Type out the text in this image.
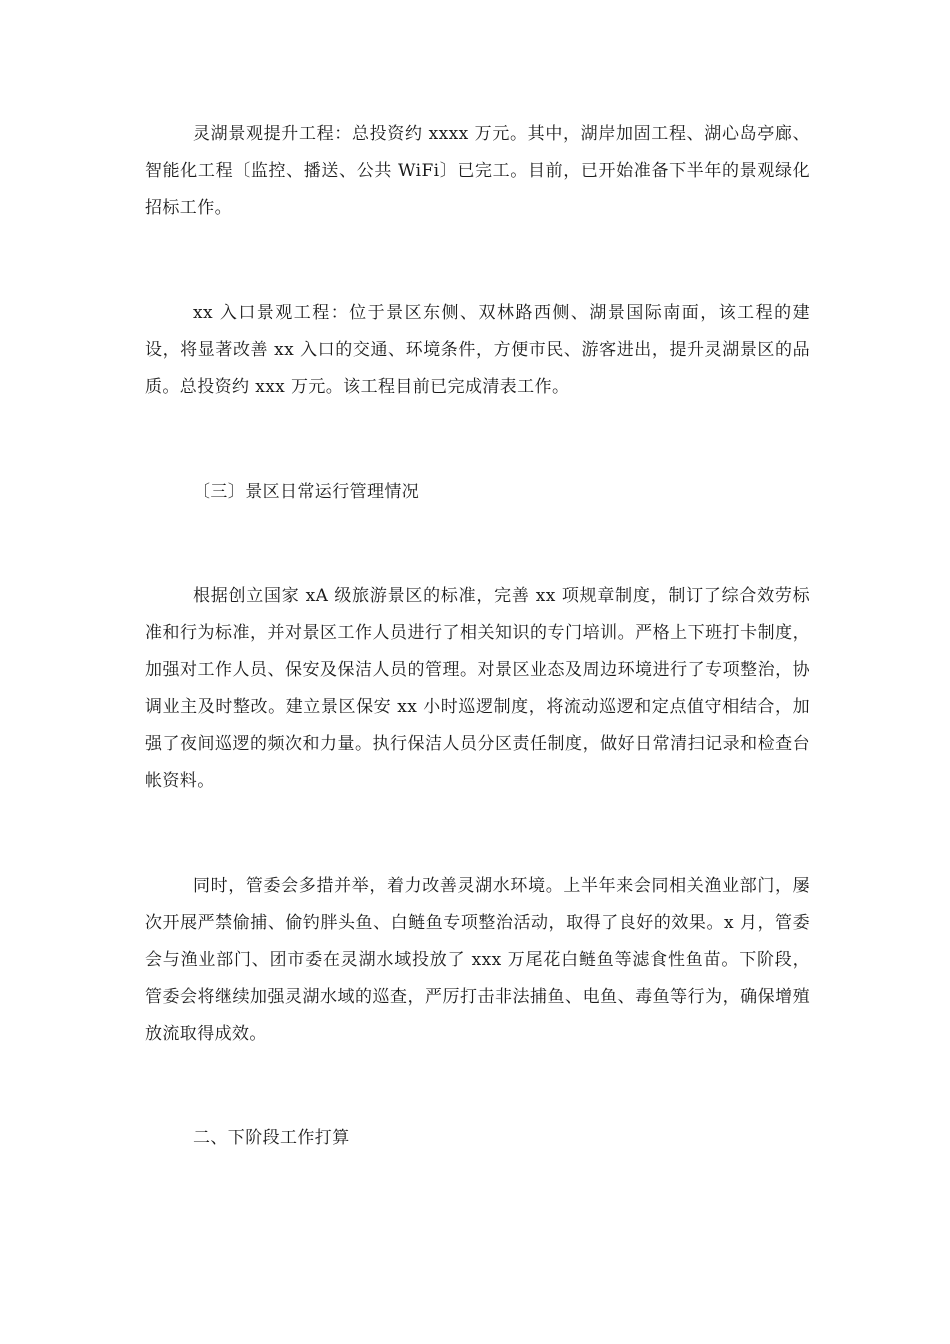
灵湖景观提升工程：总投资约 xxxx 万元。其中，湖岸加固工程、湖心岛亭廊、智能化工程〔监控、播送、公共 WiFi〕已完工。目前，已开始准备下半年的景观绿化招标工作。

xx 入口景观工程：位于景区东侧、双林路西侧、湖景国际南面，该工程的建设，将显著改善 xx 入口的交通、环境条件，方便市民、游客进出，提升灵湖景区的品质。总投资约 xxx 万元。该工程目前已完成清表工作。

〔三〕景区日常运行管理情况

根据创立国家 xA 级旅游景区的标准，完善 xx 项规章制度，制订了综合效劳标准和行为标准，并对景区工作人员进行了相关知识的专门培训。严格上下班打卡制度，加强对工作人员、保安及保洁人员的管理。对景区业态及周边环境进行了专项整治，协调业主及时整改。建立景区保安 xx 小时巡逻制度，将流动巡逻和定点值守相结合，加强了夜间巡逻的频次和力量。执行保洁人员分区责任制度，做好日常清扫记录和检查台帐资料。

同时，管委会多措并举，着力改善灵湖水环境。上半年来会同相关渔业部门，屡次开展严禁偷捕、偷钓胖头鱼、白鲢鱼专项整治活动，取得了良好的效果。x 月，管委会与渔业部门、团市委在灵湖水域投放了 xxx 万尾花白鲢鱼等滤食性鱼苗。下阶段，管委会将继续加强灵湖水域的巡查，严厉打击非法捕鱼、电鱼、毒鱼等行为，确保增殖放流取得成效。

二、下阶段工作打算
